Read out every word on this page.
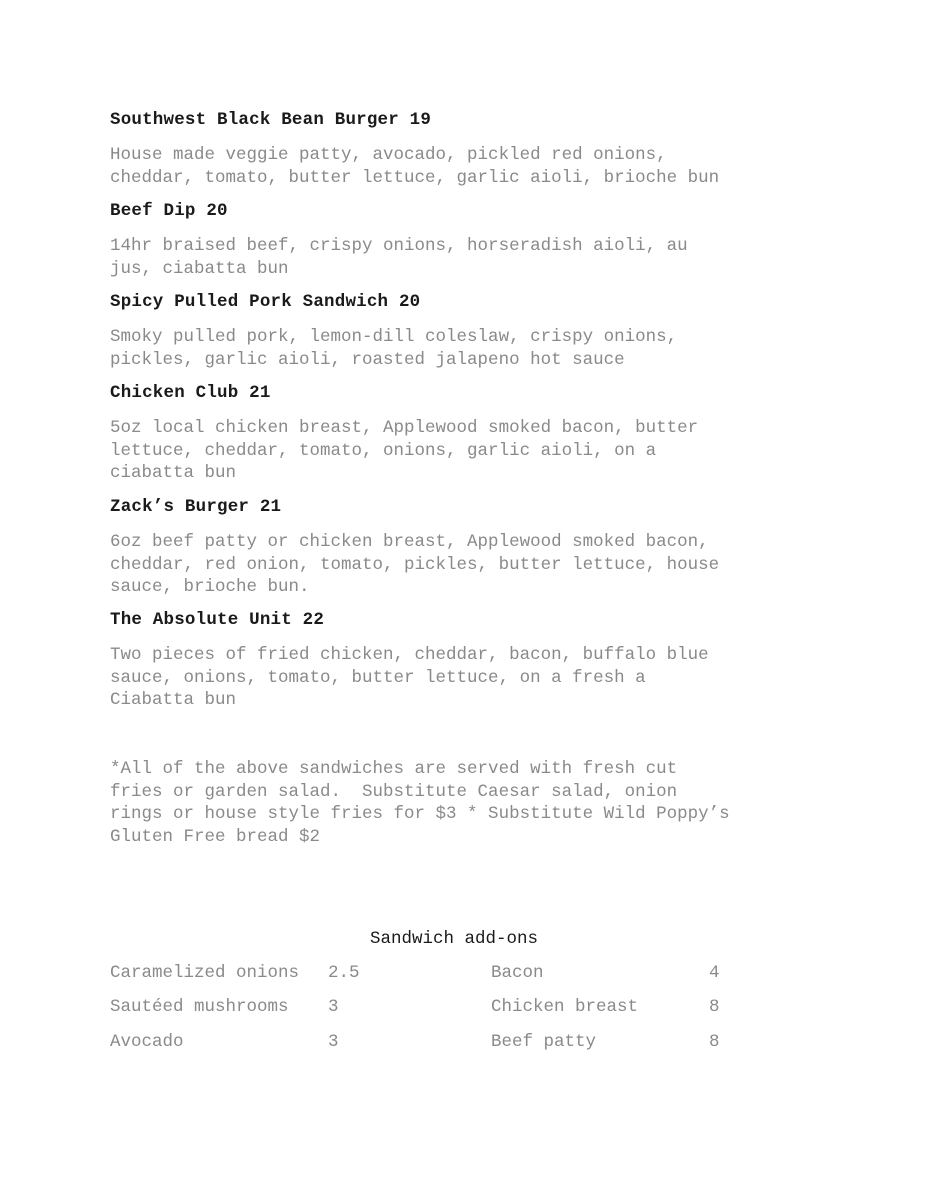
Southwest Black Bean Burger 19
House made veggie patty, avocado, pickled red onions,
cheddar, tomato, butter lettuce, garlic aioli, brioche bun
Beef Dip 20
14hr braised beef, crispy onions, horseradish aioli, au
jus, ciabatta bun
Spicy Pulled Pork Sandwich 20
Smoky pulled pork, lemon-dill coleslaw, crispy onions,
pickles, garlic aioli, roasted jalapeno hot sauce
Chicken Club 21
5oz local chicken breast, Applewood smoked bacon, butter
lettuce, cheddar, tomato, onions, garlic aioli, on a
ciabatta bun
Zack’s Burger 21
6oz beef patty or chicken breast, Applewood smoked bacon,
cheddar, red onion, tomato, pickles, butter lettuce, house
sauce, brioche bun.
The Absolute Unit 22
Two pieces of fried chicken, cheddar, bacon, buffalo blue
sauce, onions, tomato, butter lettuce, on a fresh a
Ciabatta bun
*All of the above sandwiches are served with fresh cut
fries or garden salad.  Substitute Caesar salad, onion
rings or house style fries for $3 * Substitute Wild Poppy’s
Gluten Free bread $2
Sandwich add-ons
Caramelized onions 2.5	Bacon	4
Sautéed mushrooms 3	Chicken breast	8
Avocado	3	Beef patty	8
